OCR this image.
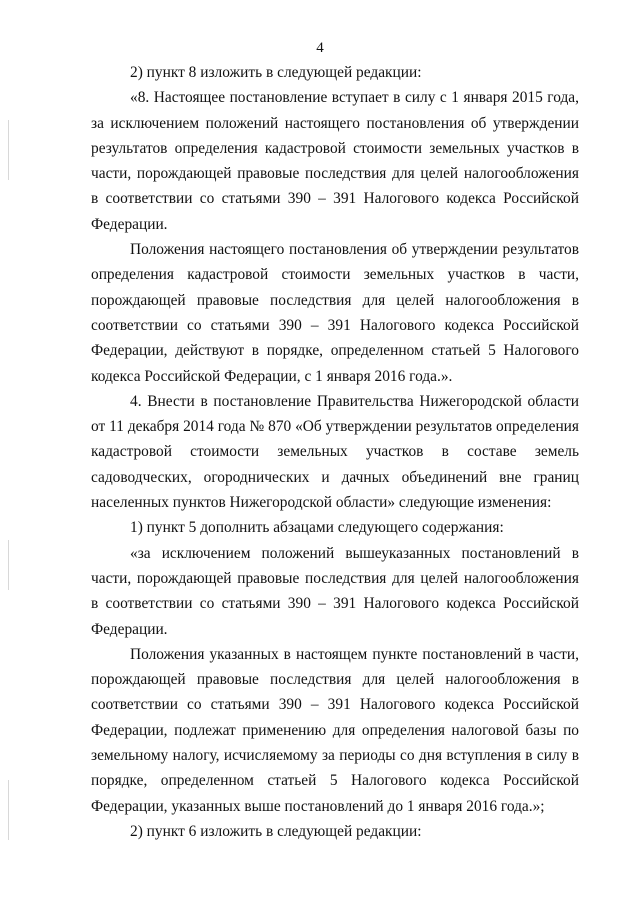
4

2) пункт 8 изложить в следующей редакции:

«8. Настоящее постановление вступает в силу с 1 января 2015 года, за исключением положений настоящего постановления об утверждении результатов определения кадастровой стоимости земельных участков в части, порождающей правовые последствия для целей налогообложения в соответствии со статьями 390 – 391 Налогового кодекса Российской Федерации.

Положения настоящего постановления об утверждении результатов определения кадастровой стоимости земельных участков в части, порождающей правовые последствия для целей налогообложения в соответствии со статьями 390 – 391 Налогового кодекса Российской Федерации, действуют в порядке, определенном статьей 5 Налогового кодекса Российской Федерации, с 1 января 2016 года.».

4. Внести в постановление Правительства Нижегородской области от 11 декабря 2014 года № 870 «Об утверждении результатов определения кадастровой стоимости земельных участков в составе земель садоводческих, огороднических и дачных объединений вне границ населенных пунктов Нижегородской области» следующие изменения:

1) пункт 5 дополнить абзацами следующего содержания:

«за исключением положений вышеуказанных постановлений в части, порождающей правовые последствия для целей налогообложения в соответствии со статьями 390 – 391 Налогового кодекса Российской Федерации.

Положения указанных в настоящем пункте постановлений в части, порождающей правовые последствия для целей налогообложения в соответствии со статьями 390 – 391 Налогового кодекса Российской Федерации, подлежат применению для определения налоговой базы по земельному налогу, исчисляемому за периоды со дня вступления в силу в порядке, определенном статьей 5 Налогового кодекса Российской Федерации, указанных выше постановлений до 1 января 2016 года.»;

2) пункт 6 изложить в следующей редакции:
